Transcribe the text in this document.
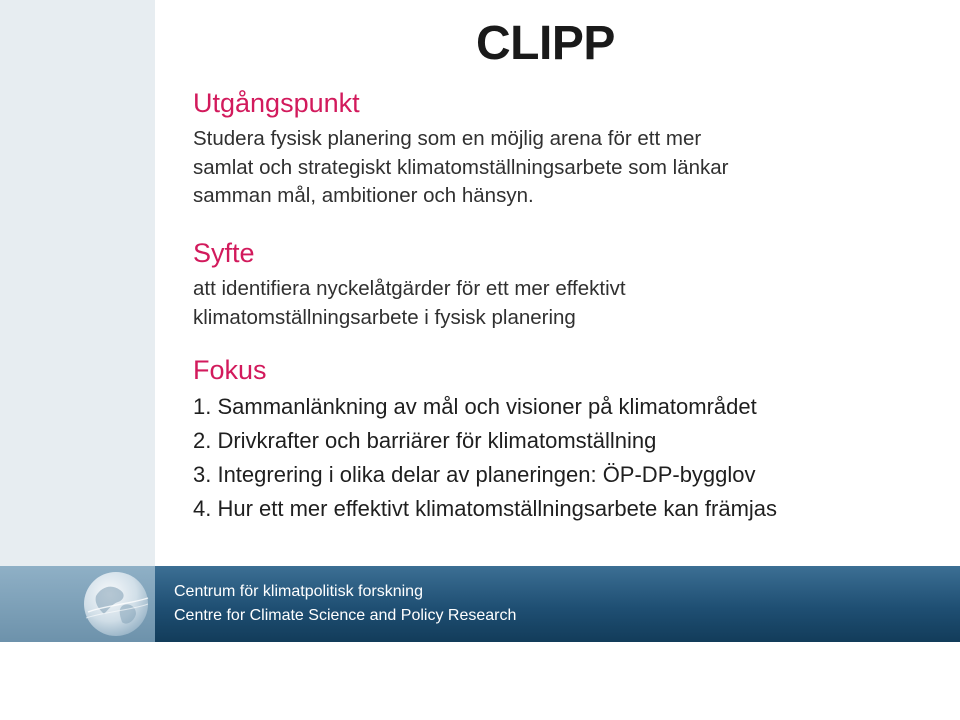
CLIPP
Utgångspunkt
Studera fysisk planering som en möjlig arena för ett mer
samlat och strategiskt klimatomställningsarbete som länkar
samman mål, ambitioner och hänsyn.
Syfte
att identifiera nyckelåtgärder för ett mer effektivt
klimatomställningsarbete i fysisk planering
Fokus
1. Sammanlänkning av mål och visioner på klimatområdet
2. Drivkrafter och barriärer för klimatomställning
3. Integrering i olika delar av planeringen: ÖP-DP-bygglov
4. Hur ett mer effektivt klimatomställningsarbete kan främjas
Centrum för klimatpolitisk forskning
Centre for Climate Science and Policy Research
